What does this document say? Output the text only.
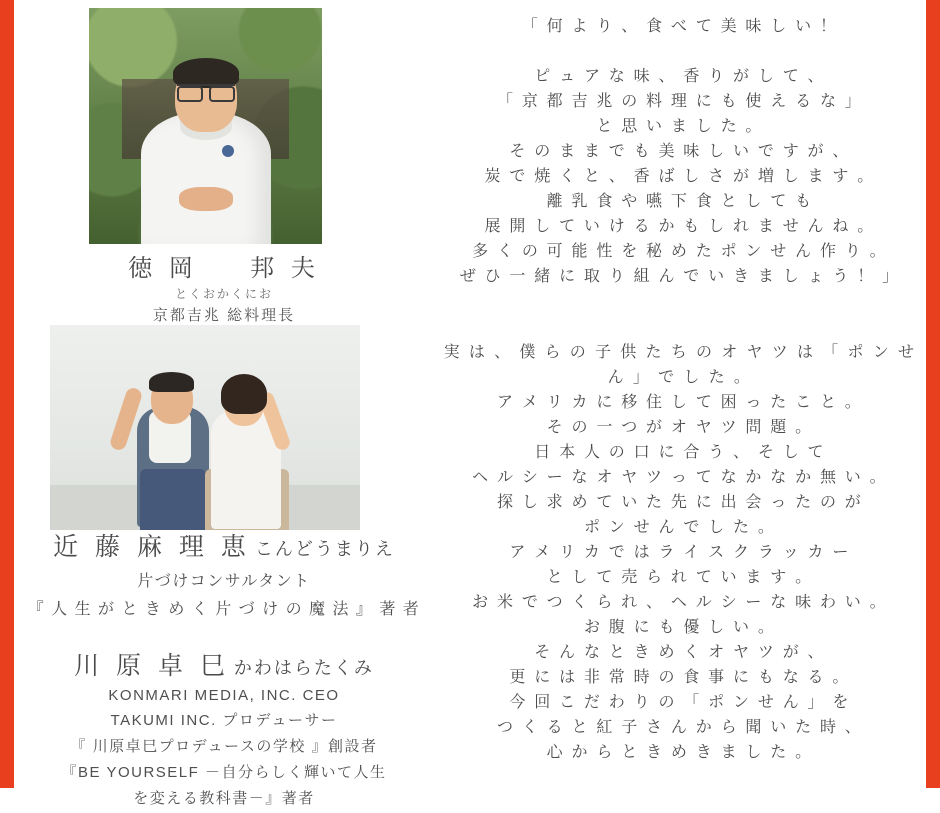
徳 岡 　 邦 夫
とくおかくにお
京都吉兆 総料理長
近 藤 麻 理 恵 こんどうまりえ
片づけコンサルタント
『 人 生 が と き め く 片 づ け の 魔 法 』 著 者
川 原 卓 巳 かわはらたくみ
KONMARI MEDIA, INC. CEO
TAKUMI INC. プロデューサー
『 川原卓巳プロデュースの学校 』創設者
『BE YOURSELF －自分らしく輝いて人生
を変える教科書－』著者
「 何 よ り 、 食 べ て 美 味 し い ！
ピ ュ ア な 味 、 香 り が し て 、
「 京 都 吉 兆 の 料 理 に も 使 え る な 」
と 思 い ま し た 。
そ の ま ま で も 美 味 し い で す が 、
炭 で 焼 く と 、 香 ば し さ が 増 し ま す 。
離 乳 食 や 嚥 下 食 と し て も
展 開 し て い け る か も し れ ま せ ん ね 。
多 く の 可 能 性 を 秘 め た ポ ン せ ん 作 り 。
ぜ ひ 一 緒 に 取 り 組 ん で い き ま し ょ う ！ 」
実 は 、 僕 ら の 子 供 た ち の オ ヤ ツ は 「 ポ ン せ ん 」 で し た 。
ア メ リ カ に 移 住 し て 困 っ た こ と 。
そ の 一 つ が オ ヤ ツ 問 題 。
日 本 人 の 口 に 合 う 、 そ し て
ヘ ル シ ー な オ ヤ ツ っ て な か な か 無 い 。
探 し 求 め て い た 先 に 出 会 っ た の が
ポ ン せ ん で し た 。
ア メ リ カ で は ラ イ ス ク ラ ッ カ ー
と し て 売 ら れ て い ま す 。
お 米 で つ く ら れ 、 ヘ ル シ ー な 味 わ い 。
お 腹 に も 優 し い 。
そ ん な と き め く オ ヤ ツ が 、
更 に は 非 常 時 の 食 事 に も な る 。
今 回 こ だ わ り の 「 ポ ン せ ん 」 を
つ く る と 紅 子 さ ん か ら 聞 い た 時 、
心 か ら と き め き ま し た 。
